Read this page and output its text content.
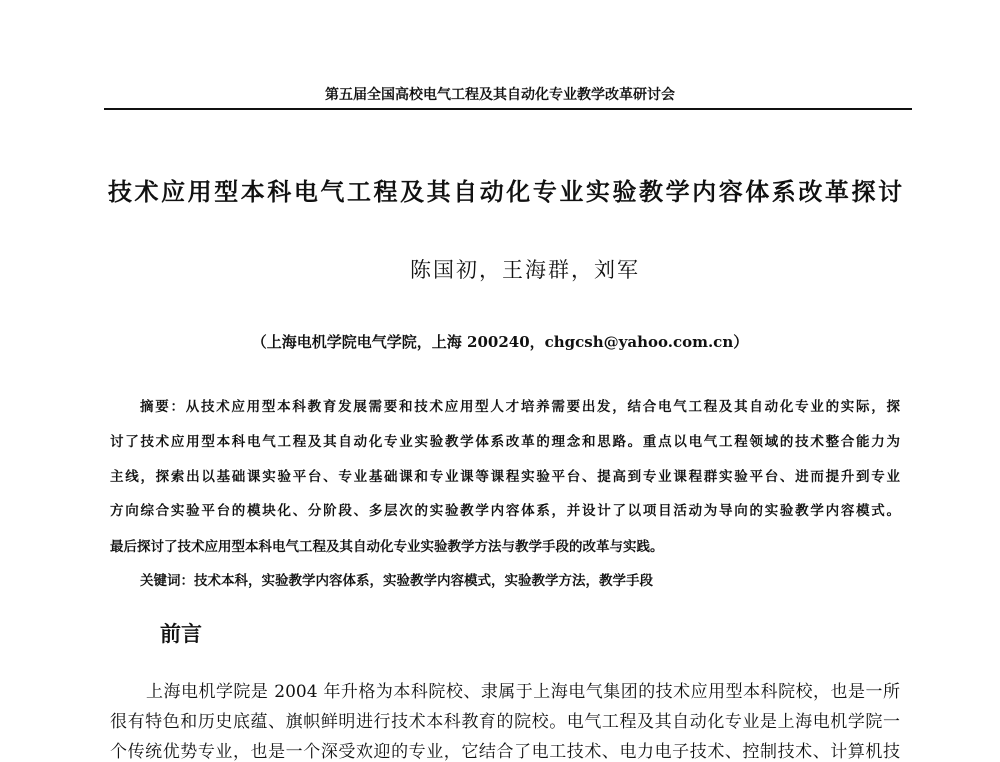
第五届全国高校电气工程及其自动化专业教学改革研讨会
技术应用型本科电气工程及其自动化专业实验教学内容体系改革探讨
陈国初，王海群，刘军
（上海电机学院电气学院，上海 200240，chgcsh@yahoo.com.cn）
摘要：从技术应用型本科教育发展需要和技术应用型人才培养需要出发，结合电气工程及其自动化专业的实际，探
讨了技术应用型本科电气工程及其自动化专业实验教学体系改革的理念和思路。重点以电气工程领域的技术整合能力为
主线，探索出以基础课实验平台、专业基础课和专业课等课程实验平台、提高到专业课程群实验平台、进而提升到专业
方向综合实验平台的模块化、分阶段、多层次的实验教学内容体系，并设计了以项目活动为导向的实验教学内容模式。
最后探讨了技术应用型本科电气工程及其自动化专业实验教学方法与教学手段的改革与实践。
关键词：技术本科，实验教学内容体系，实验教学内容模式，实验教学方法，教学手段
前言
上海电机学院是 2004 年升格为本科院校、隶属于上海电气集团的技术应用型本科院校，也是一所
很有特色和历史底蕴、旗帜鲜明进行技术本科教育的院校。电气工程及其自动化专业是上海电机学院一
个传统优势专业，也是一个深受欢迎的专业，它结合了电工技术、电力电子技术、控制技术、计算机技
